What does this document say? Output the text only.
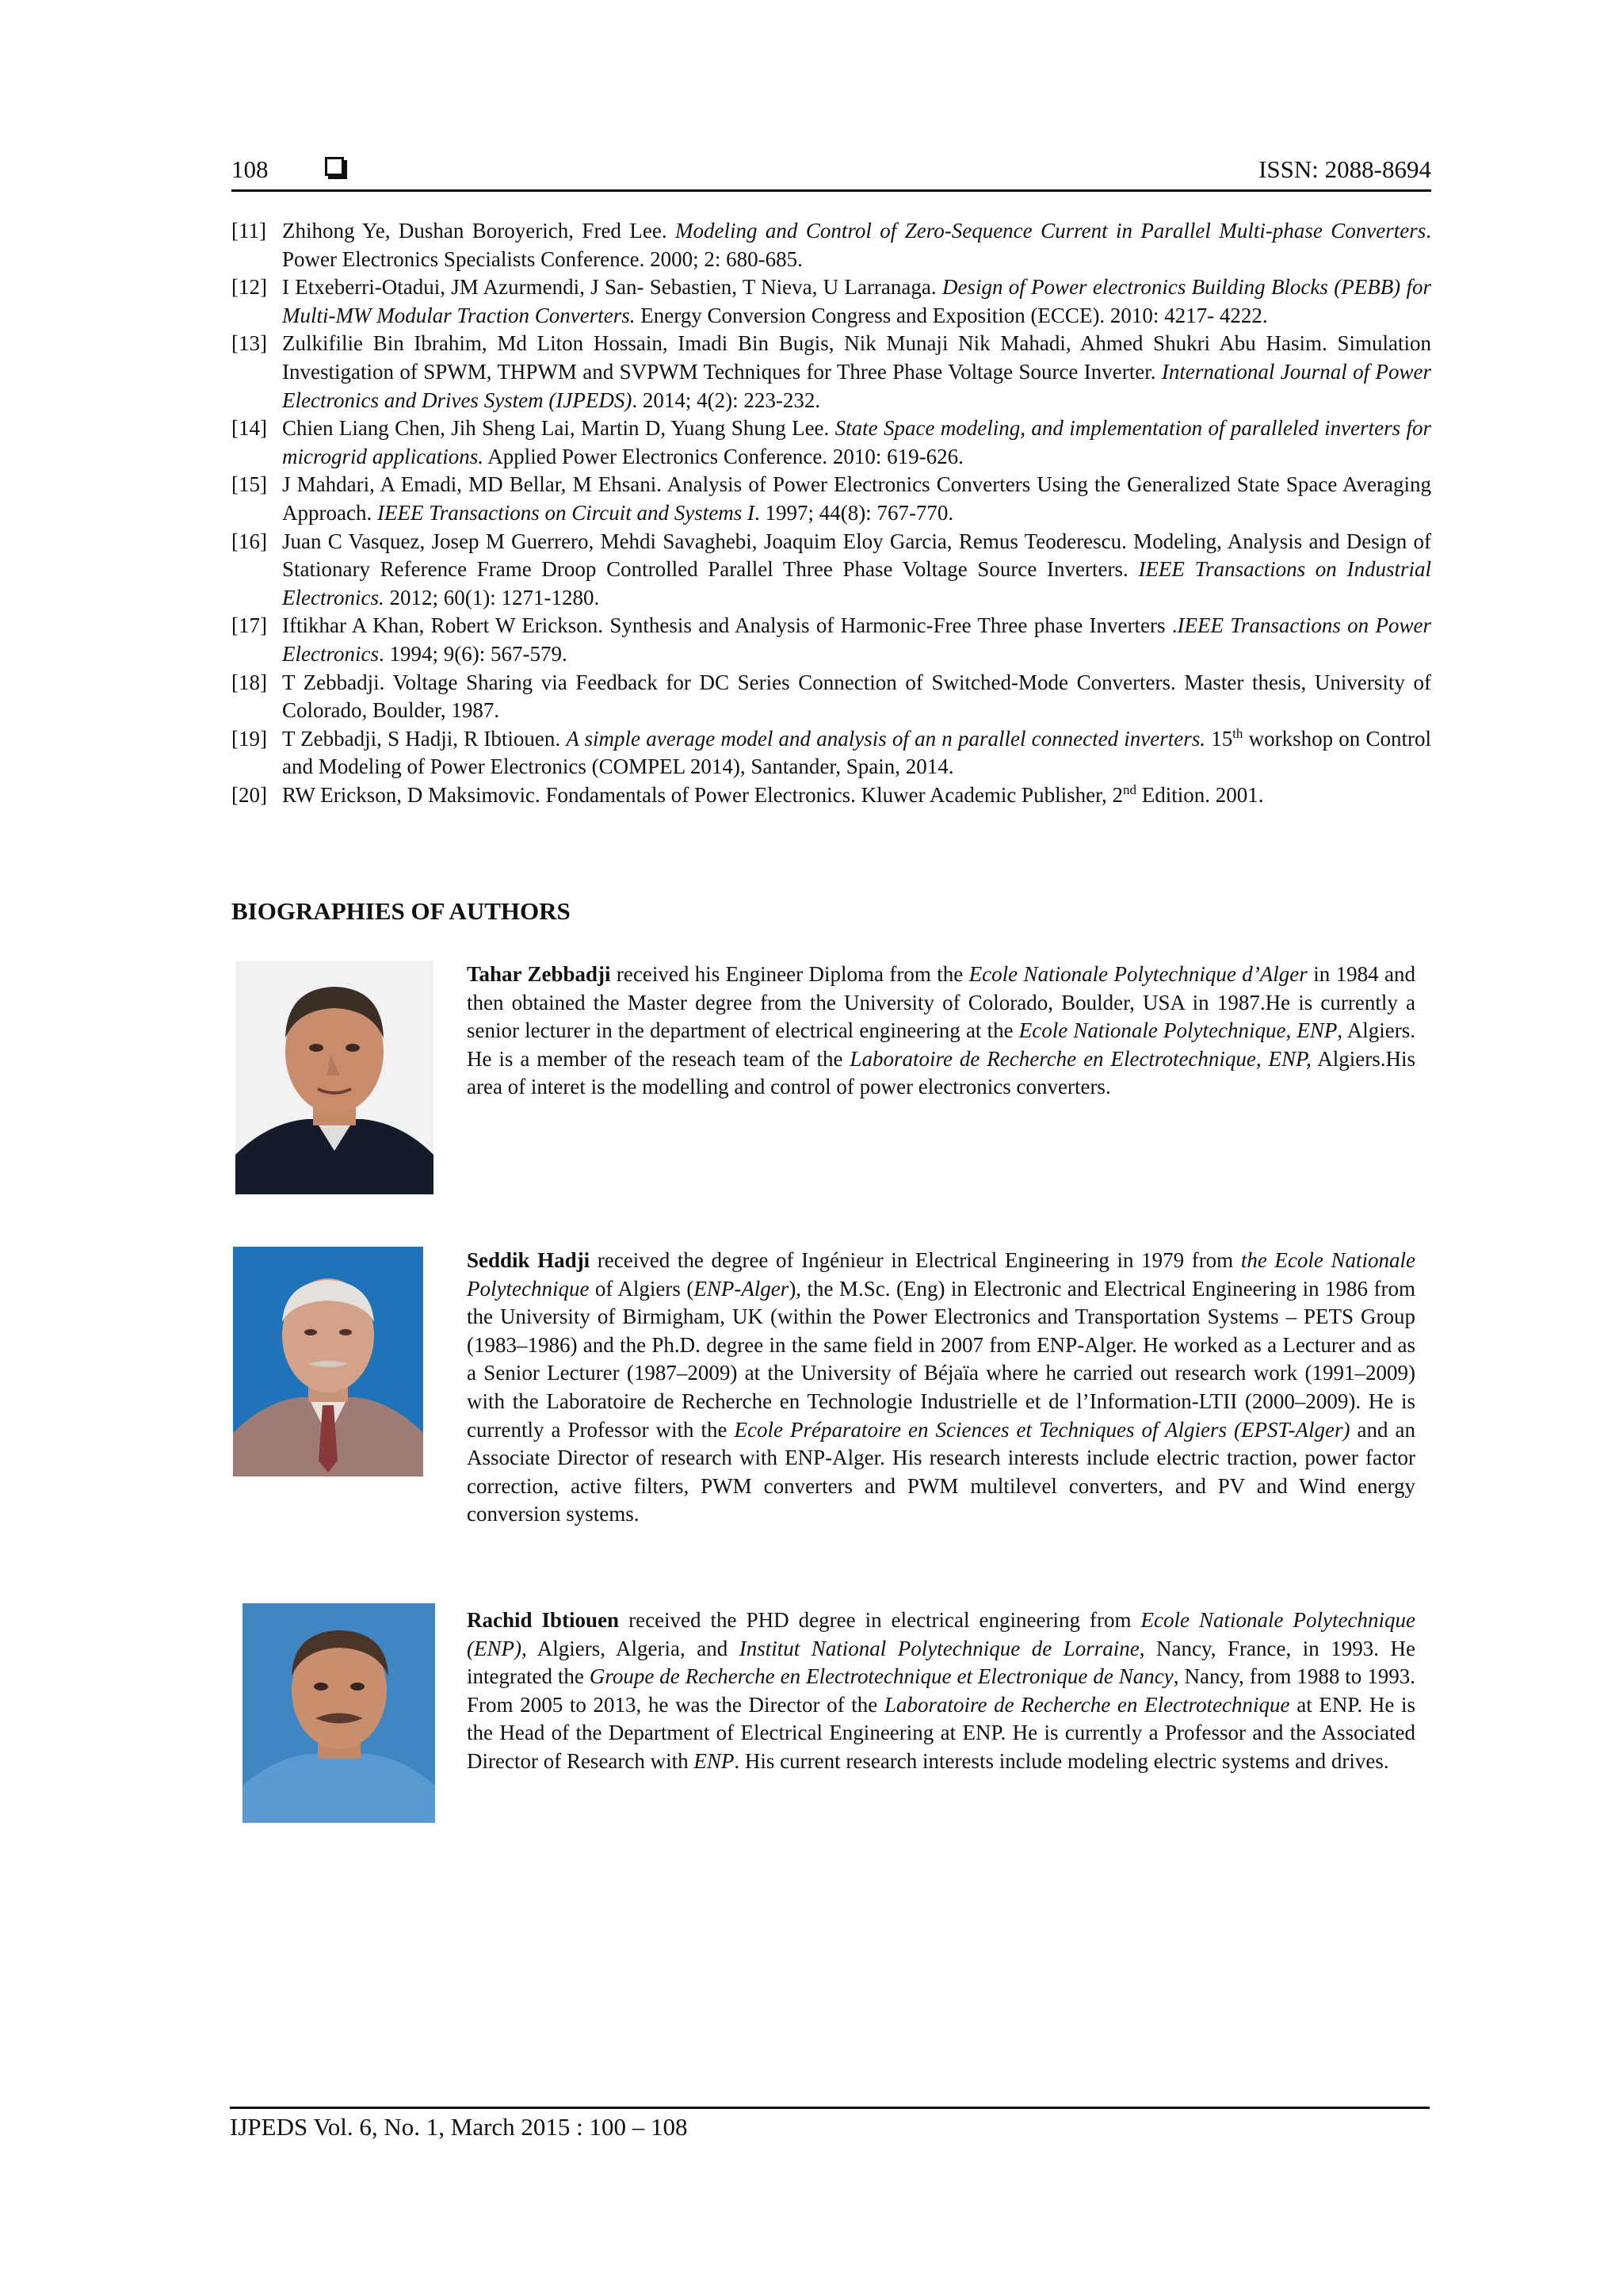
108	ISSN: 2088-8694
[11] Zhihong Ye, Dushan Boroyerich, Fred Lee. Modeling and Control of Zero-Sequence Current in Parallel Multi-phase Converters. Power Electronics Specialists Conference. 2000; 2: 680-685.
[12] I Etxeberri-Otadui, JM Azurmendi, J San- Sebastien, T Nieva, U Larranaga. Design of Power electronics Building Blocks (PEBB) for Multi-MW Modular Traction Converters. Energy Conversion Congress and Exposition (ECCE). 2010: 4217- 4222.
[13] Zulkifilie Bin Ibrahim, Md Liton Hossain, Imadi Bin Bugis, Nik Munaji Nik Mahadi, Ahmed Shukri Abu Hasim. Simulation Investigation of SPWM, THPWM and SVPWM Techniques for Three Phase Voltage Source Inverter. International Journal of Power Electronics and Drives System (IJPEDS). 2014; 4(2): 223-232.
[14] Chien Liang Chen, Jih Sheng Lai, Martin D, Yuang Shung Lee. State Space modeling, and implementation of paralleled inverters for microgrid applications. Applied Power Electronics Conference. 2010: 619-626.
[15] J Mahdari, A Emadi, MD Bellar, M Ehsani. Analysis of Power Electronics Converters Using the Generalized State Space Averaging Approach. IEEE Transactions on Circuit and Systems I. 1997; 44(8): 767-770.
[16] Juan C Vasquez, Josep M Guerrero, Mehdi Savaghebi, Joaquim Eloy Garcia, Remus Teoderescu. Modeling, Analysis and Design of Stationary Reference Frame Droop Controlled Parallel Three Phase Voltage Source Inverters. IEEE Transactions on Industrial Electronics. 2012; 60(1): 1271-1280.
[17] Iftikhar A Khan, Robert W Erickson. Synthesis and Analysis of Harmonic-Free Three phase Inverters .IEEE Transactions on Power Electronics. 1994; 9(6): 567-579.
[18] T Zebbadji. Voltage Sharing via Feedback for DC Series Connection of Switched-Mode Converters. Master thesis, University of Colorado, Boulder, 1987.
[19] T Zebbadji, S Hadji, R Ibtiouen. A simple average model and analysis of an n parallel connected inverters. 15th workshop on Control and Modeling of Power Electronics (COMPEL 2014), Santander, Spain, 2014.
[20] RW Erickson, D Maksimovic. Fondamentals of Power Electronics. Kluwer Academic Publisher, 2nd Edition. 2001.
BIOGRAPHIES OF AUTHORS
Tahar Zebbadji received his Engineer Diploma from the Ecole Nationale Polytechnique d’Alger in 1984 and then obtained the Master degree from the University of Colorado, Boulder, USA in 1987.He is currently a senior lecturer in the department of electrical engineering at the Ecole Nationale Polytechnique, ENP, Algiers. He is a member of the reseach team of the Laboratoire de Recherche en Electrotechnique, ENP, Algiers.His area of interet is the modelling and control of power electronics converters.
Seddik Hadji received the degree of Ingénieur in Electrical Engineering in 1979 from the Ecole Nationale Polytechnique of Algiers (ENP-Alger), the M.Sc. (Eng) in Electronic and Electrical Engineering in 1986 from the University of Birmigham, UK (within the Power Electronics and Transportation Systems – PETS Group (1983–1986) and the Ph.D. degree in the same field in 2007 from ENP-Alger. He worked as a Lecturer and as a Senior Lecturer (1987–2009) at the University of Béjaïa where he carried out research work (1991–2009) with the Laboratoire de Recherche en Technologie Industrielle et de l’Information-LTII (2000–2009). He is currently a Professor with the Ecole Préparatoire en Sciences et Techniques of Algiers (EPST-Alger) and an Associate Director of research with ENP-Alger. His research interests include electric traction, power factor correction, active filters, PWM converters and PWM multilevel converters, and PV and Wind energy conversion systems.
Rachid Ibtiouen received the PHD degree in electrical engineering from Ecole Nationale Polytechnique (ENP), Algiers, Algeria, and Institut National Polytechnique de Lorraine, Nancy, France, in 1993. He integrated the Groupe de Recherche en Electrotechnique et Electronique de Nancy, Nancy, from 1988 to 1993. From 2005 to 2013, he was the Director of the Laboratoire de Recherche en Electrotechnique at ENP. He is the Head of the Department of Electrical Engineering at ENP. He is currently a Professor and the Associated Director of Research with ENP. His current research interests include modeling electric systems and drives.
IJPEDS Vol. 6, No. 1, March 2015 : 100 – 108
